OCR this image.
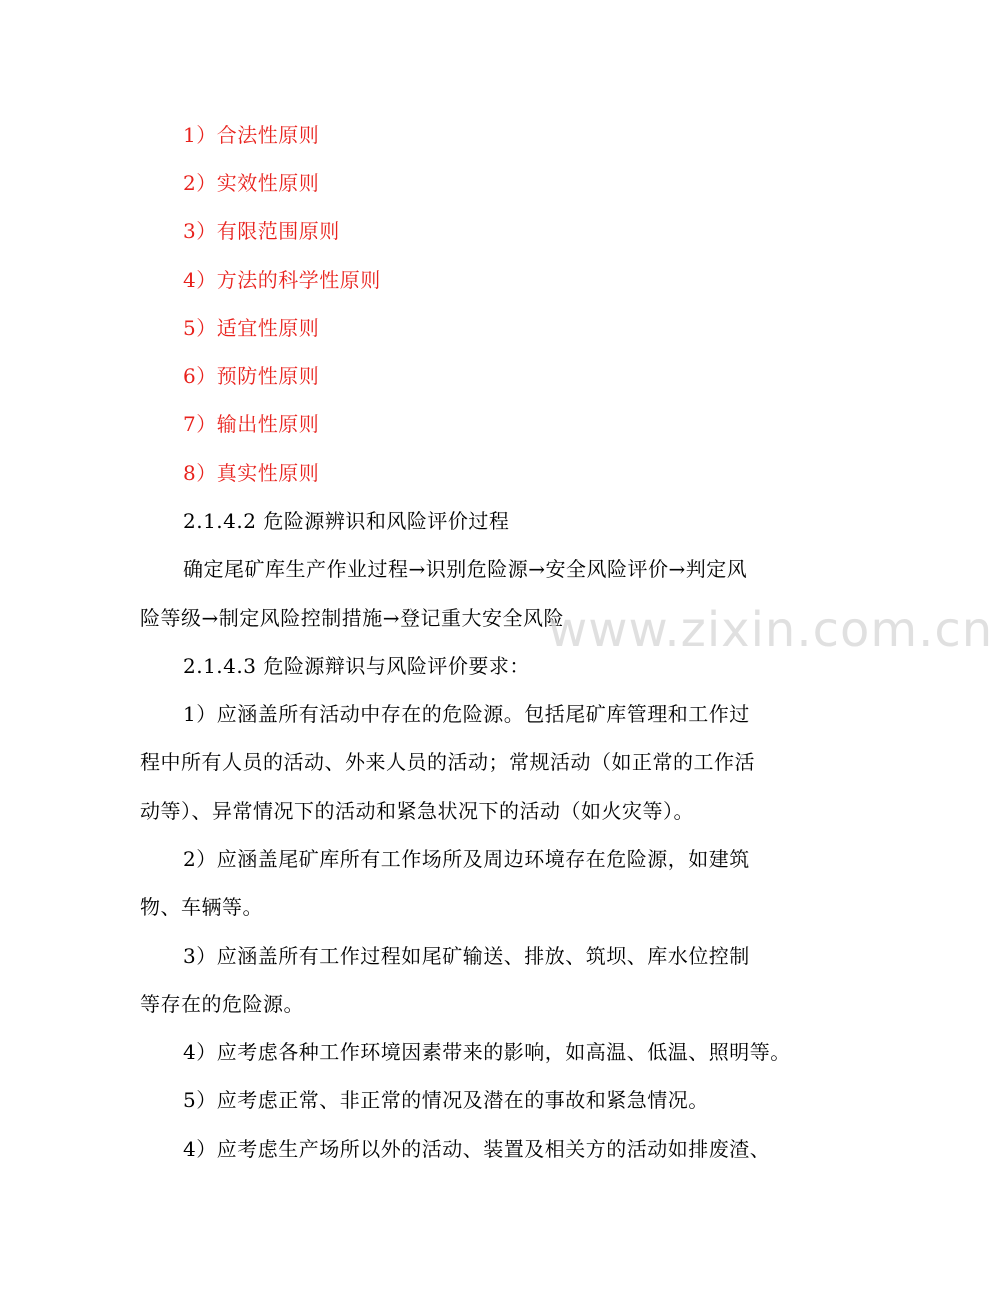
1）合法性原则
2）实效性原则
3）有限范围原则
4）方法的科学性原则
5）适宜性原则
6）预防性原则
7）输出性原则
8）真实性原则
2.1.4.2 危险源辨识和风险评价过程
确定尾矿库生产作业过程→识别危险源→安全风险评价→判定风
险等级→制定风险控制措施→登记重大安全风险
2.1.4.3 危险源辩识与风险评价要求：
1）应涵盖所有活动中存在的危险源。包括尾矿库管理和工作过
程中所有人员的活动、外来人员的活动；常规活动（如正常的工作活
动等）、异常情况下的活动和紧急状况下的活动（如火灾等）。
2）应涵盖尾矿库所有工作场所及周边环境存在危险源，如建筑
物、车辆等。
3）应涵盖所有工作过程如尾矿输送、排放、筑坝、库水位控制
等存在的危险源。
4）应考虑各种工作环境因素带来的影响，如高温、低温、照明等。
5）应考虑正常、非正常的情况及潜在的事故和紧急情况。
4）应考虑生产场所以外的活动、装置及相关方的活动如排废渣、
www.zixin.com.cn
